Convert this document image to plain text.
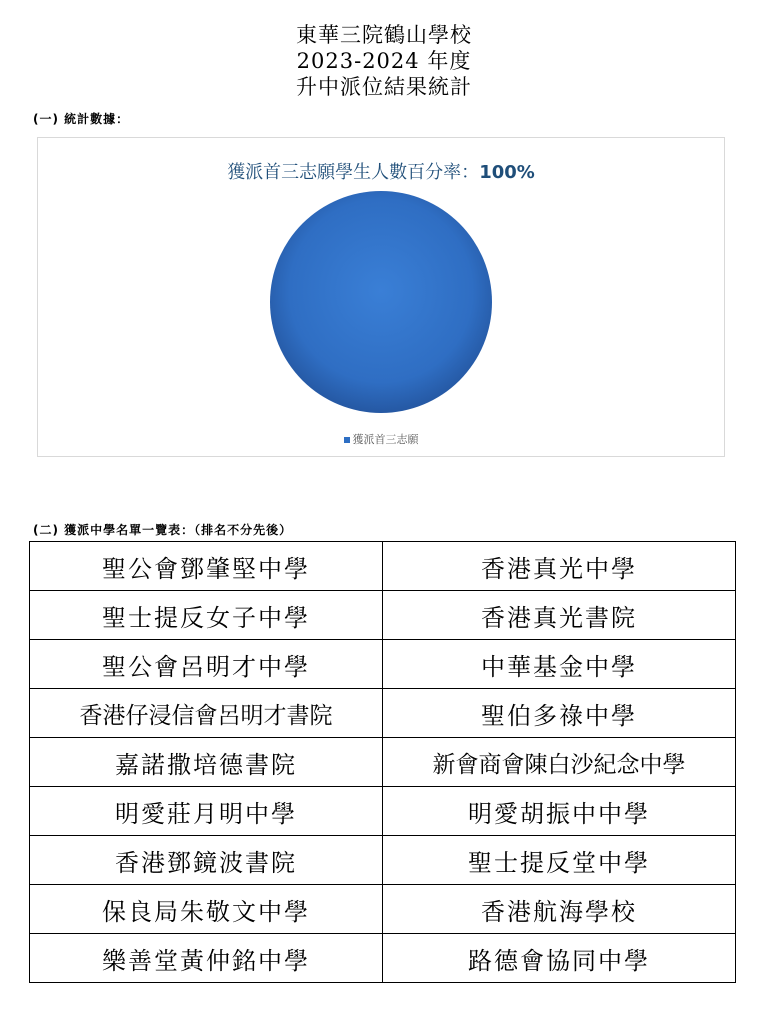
東華三院鶴山學校
2023-2024 年度
升中派位結果統計
(一) 統計數據：
獲派首三志願學生人數百分率：100%
獲派首三志願
(二) 獲派中學名單一覽表：（排名不分先後）
聖公會鄧肇堅中學	香港真光中學
聖士提反女子中學	香港真光書院
聖公會呂明才中學	中華基金中學
香港仔浸信會呂明才書院	聖伯多祿中學
嘉諾撒培德書院	新會商會陳白沙紀念中學
明愛莊月明中學	明愛胡振中中學
香港鄧鏡波書院	聖士提反堂中學
保良局朱敬文中學	香港航海學校
樂善堂黃仲銘中學	路德會協同中學
